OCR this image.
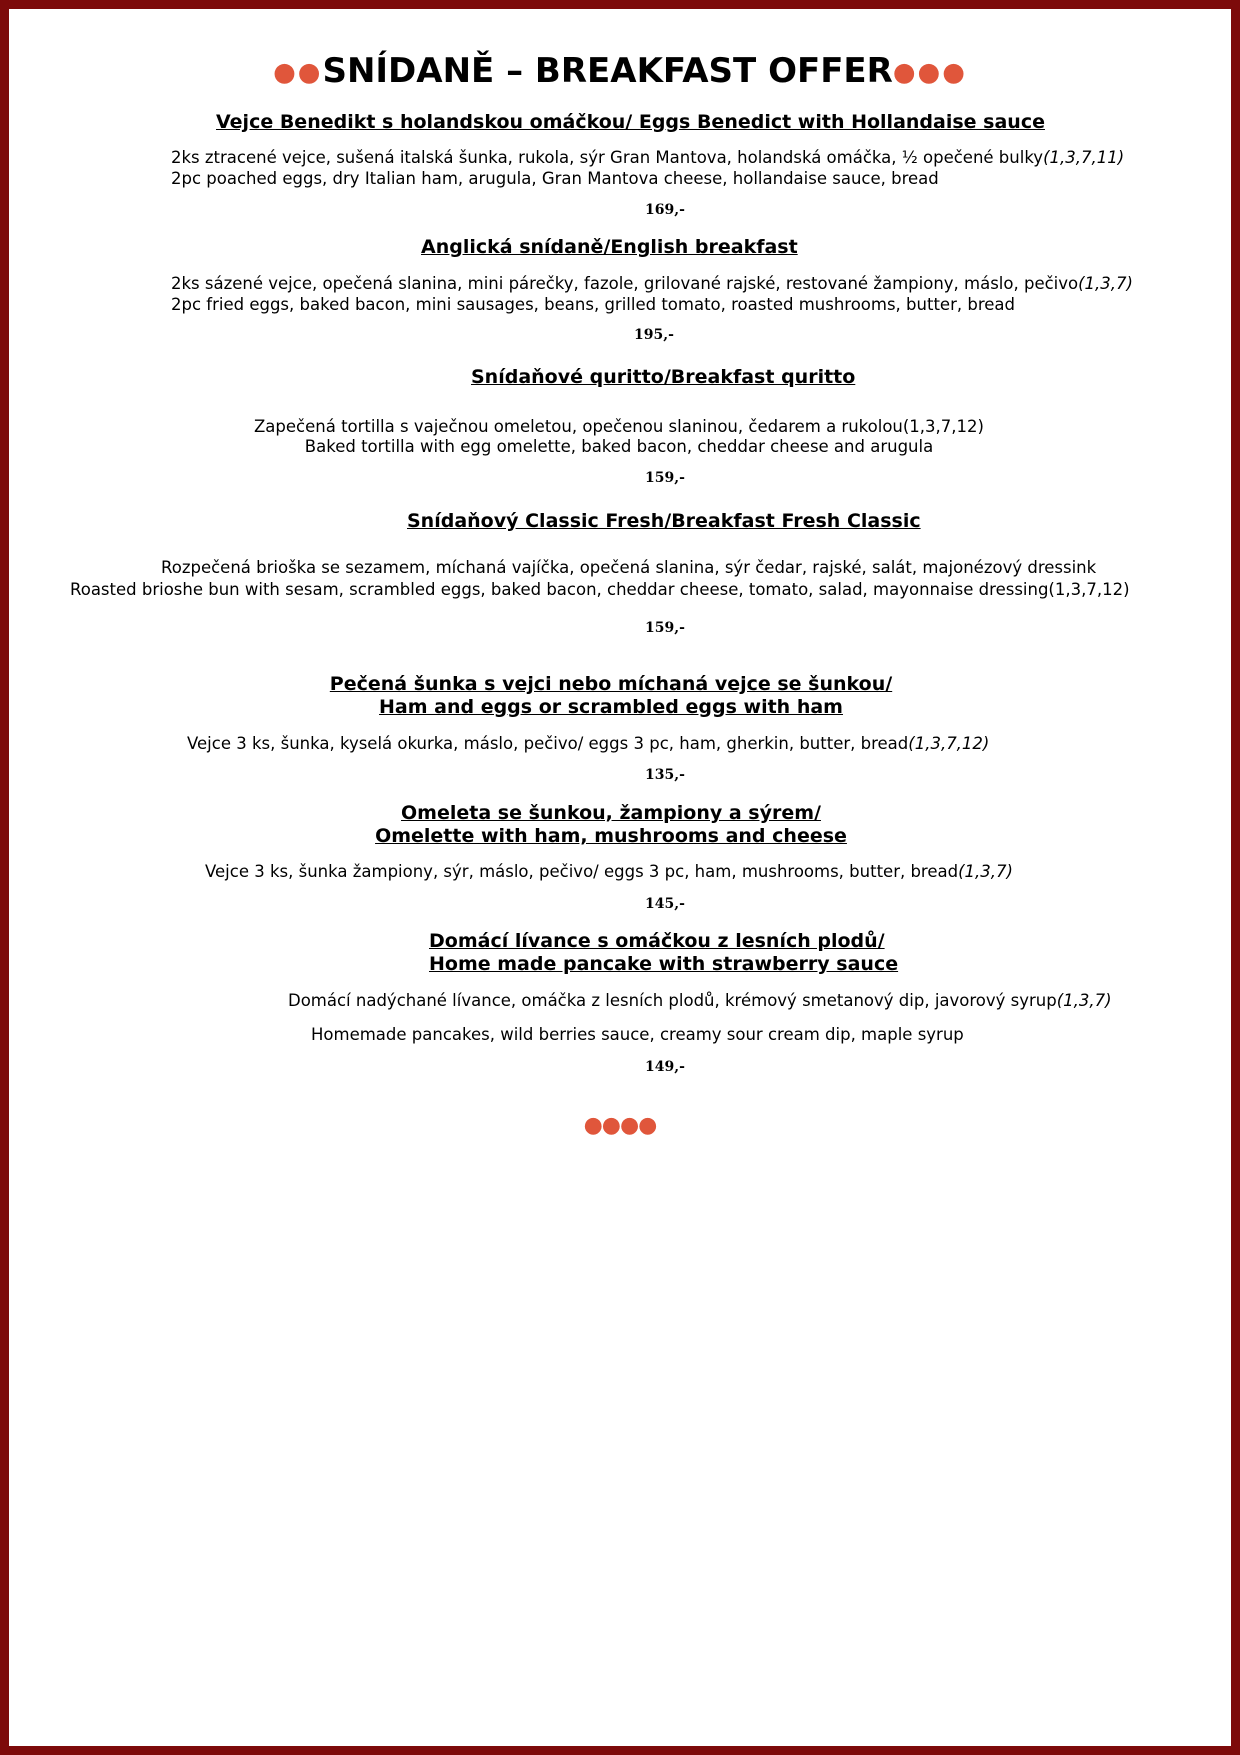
●●SNÍDANĚ – BREAKFAST OFFER●●●
Vejce Benedikt s holandskou omáčkou/ Eggs Benedict with Hollandaise sauce
2ks ztracené vejce, sušená italská šunka, rukola, sýr Gran Mantova, holandská omáčka, ½ opečené bulky(1,3,7,11)
2pc poached eggs, dry Italian ham, arugula, Gran Mantova cheese, hollandaise sauce, bread
169,-
Anglická snídaně/English breakfast
2ks sázené vejce, opečená slanina, mini párečky, fazole, grilované rajské, restované žampiony, máslo, pečivo(1,3,7)
2pc fried eggs, baked bacon, mini sausages, beans, grilled tomato, roasted mushrooms, butter, bread
195,-
Snídaňové quritto/Breakfast quritto
Zapečená tortilla s vaječnou omeletou, opečenou slaninou, čedarem a rukolou(1,3,7,12)
Baked tortilla with egg omelette, baked bacon, cheddar cheese and arugula
159,-
Snídaňový Classic Fresh/Breakfast Fresh Classic
Rozpečená brioška se sezamem, míchaná vajíčka, opečená slanina, sýr čedar, rajské, salát, majonézový dressink
Roasted brioshe bun with sesam, scrambled eggs, baked bacon, cheddar cheese, tomato, salad, mayonnaise dressing(1,3,7,12)
159,-
Pečená šunka s vejci nebo míchaná vejce se šunkou/
Ham and eggs or scrambled eggs with ham
Vejce 3 ks, šunka, kyselá okurka, máslo, pečivo/ eggs 3 pc, ham, gherkin, butter, bread(1,3,7,12)
135,-
Omeleta se šunkou, žampiony a sýrem/
Omelette with ham, mushrooms and cheese
Vejce 3 ks, šunka žampiony, sýr, máslo, pečivo/ eggs 3 pc, ham, mushrooms, butter, bread(1,3,7)
145,-
Domácí lívance s omáčkou z lesních plodů/
Home made pancake with strawberry sauce
Domácí nadýchané lívance, omáčka z lesních plodů, krémový smetanový dip, javorový syrup(1,3,7)
Homemade pancakes, wild berries sauce, creamy sour cream dip, maple syrup
149,-
●●●●
